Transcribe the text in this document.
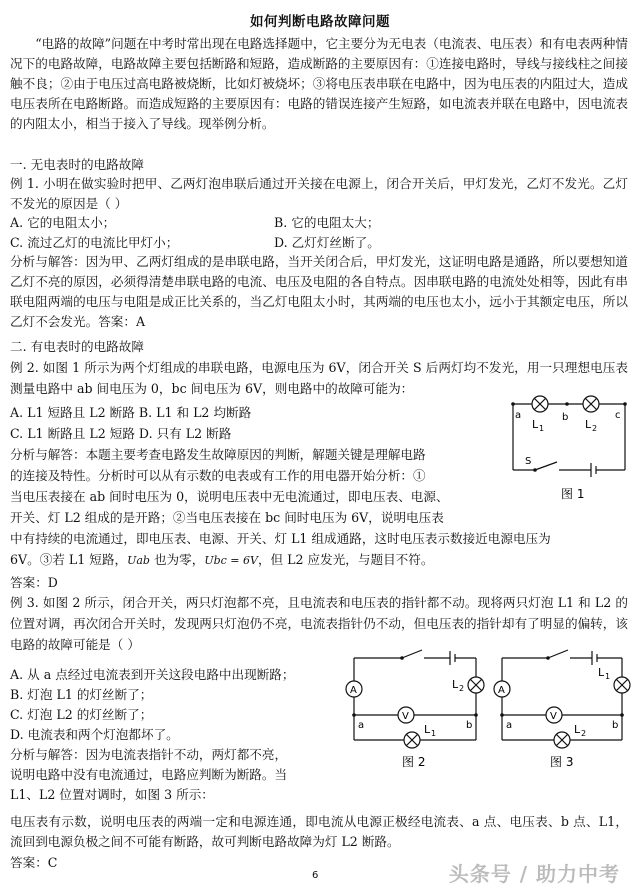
如何判断电路故障问题
“电路的故障”问题在中考时常出现在电路选择题中，它主要分为无电表（电流表、电压表）和有电表两种情况下的电路故障，电路故障主要包括断路和短路，造成断路的主要原因有：①连接电路时，导线与接线柱之间接触不良；②由于电压过高电路被烧断，比如灯被烧坏；③将电压表串联在电路中，因为电压表的内阻过大，造成电压表所在电路断路。而造成短路的主要原因有：电路的错误连接产生短路，如电流表并联在电路中，因电流表的内阻太小，相当于接入了导线。现举例分析。
一. 无电表时的电路故障
例 1. 小明在做实验时把甲、乙两灯泡串联后通过开关接在电源上，闭合开关后，甲灯发光，乙灯不发光。乙灯不发光的原因是（ ）
A. 它的电阻太小；	B. 它的电阻太大；
C. 流过乙灯的电流比甲灯小；	D. 乙灯灯丝断了。
分析与解答：因为甲、乙两灯组成的是串联电路，当开关闭合后，甲灯发光，这证明电路是通路，所以要想知道乙灯不亮的原因，必须得清楚串联电路的电流、电压及电阻的各自特点。因串联电路的电流处处相等，因此有串联电阻两端的电压与电阻是成正比关系的，当乙灯电阻太小时，其两端的电压也太小，远小于其额定电压，所以乙灯不会发光。答案：A
二. 有电表时的电路故障
例 2. 如图 1 所示为两个灯组成的串联电路，电源电压为 6V，闭合开关 S 后两灯均不发光，用一只理想电压表测量电路中 ab 间电压为 0，bc 间电压为 6V，则电路中的故障可能为：
A. L1 短路且 L2 断路 B. L1 和 L2 均断路
C. L1 断路且 L2 短路 D. 只有 L2 断路
分析与解答：本题主要考查电路发生故障原因的判断，解题关键是理解电路
的连接及特性。分析时可以从有示数的电表或有工作的用电器开始分析：①
当电压表接在 ab 间时电压为 0，说明电压表中无电流通过，即电压表、电源、
开关、灯 L2 组成的是开路；②当电压表接在 bc 间时电压为 6V，说明电压表
中有持续的电流通过，即电压表、电源、开关、灯 L1 组成通路，这时电压表示数接近电源电压为
6V。③若 L1 短路，Uab 也为零，Ubc = 6V，但 L2 应发光，与题目不符。
答案：D
例 3. 如图 2 所示，闭合开关，两只灯泡都不亮，且电流表和电压表的指针都不动。现将两只灯泡 L1 和 L2 的位置对调，再次闭合开关时，发现两只灯泡仍不亮，电流表指针仍不动，但电压表的指针却有了明显的偏转，该电路的故障可能是（ ）
A. 从 a 点经过电流表到开关这段电路中出现断路；
B. 灯泡 L1 的灯丝断了；
C. 灯泡 L2 的灯丝断了；
D. 电流表和两个灯泡都坏了。
分析与解答：因为电流表指针不动，两灯都不亮，
说明电路中没有电流通过，电路应判断为断路。当
L1、L2 位置对调时，如图 3 所示：
电压表有示数，说明电压表的两端一定和电源连通，即电流从电源正极经电流表、a 点、电压表、b 点、L1，流回到电源负极之间不可能有断路，故可判断电路故障为灯 L2 断路。
答案：C
a	b	c
L 1	L 2
S
图 1
A
V
a	b
L 2
L 1
图 2
A
V
a	b
L 1
L 2
图 3
6	头条号 / 助力中考
